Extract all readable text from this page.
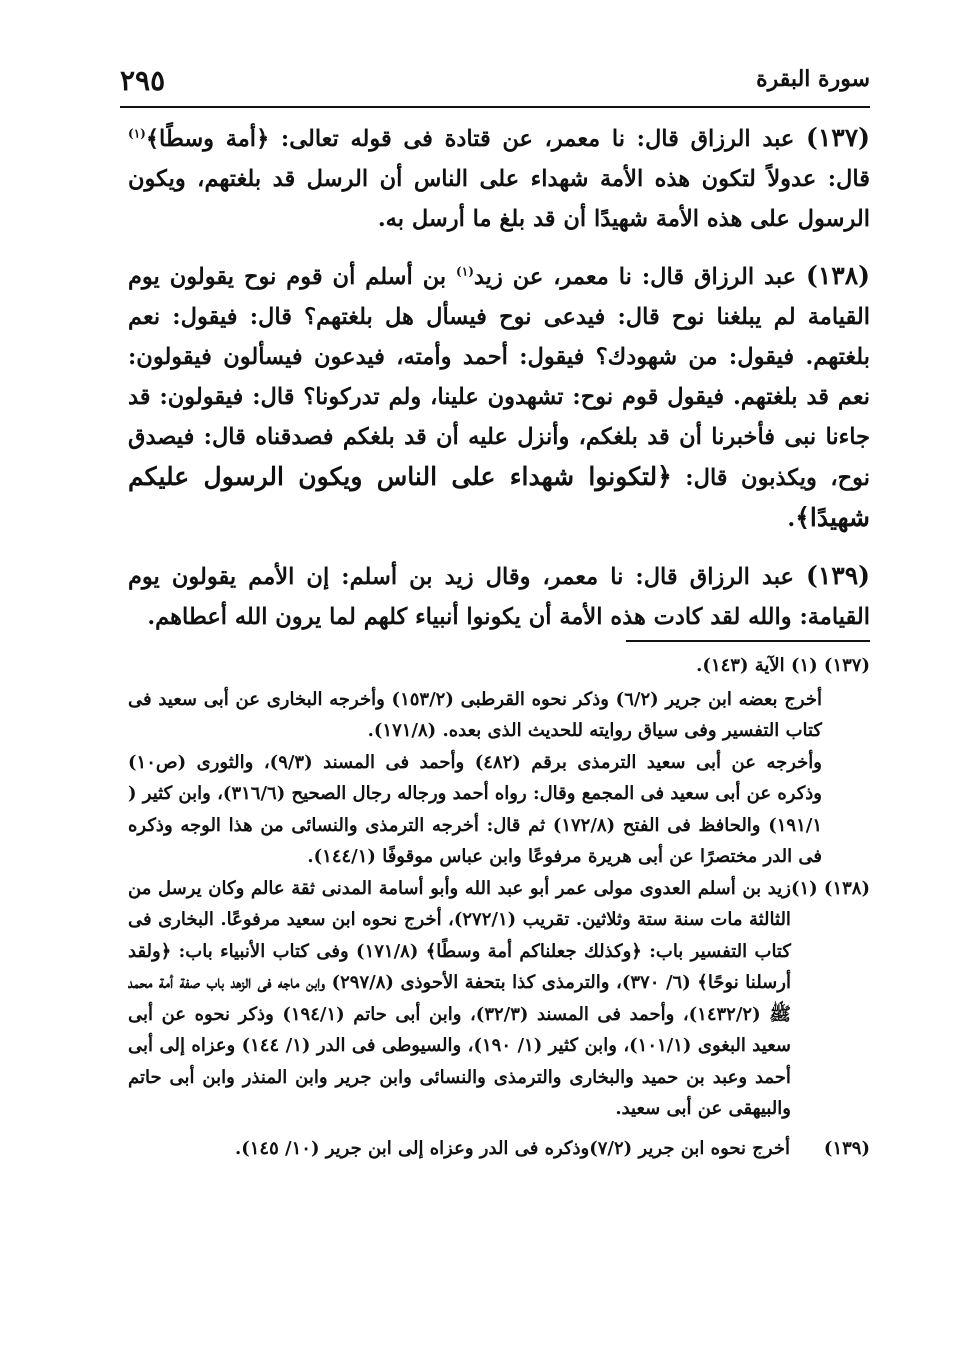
سورة البقرة
٢٩٥

(١٣٧) عبد الرزاق قال: نا معمر، عن قتادة فى قوله تعالى: ﴿أمة وسطًا﴾$^{(١)}$ قال: عدولاً لتكون هذه الأمة شهداء على الناس أن الرسل قد بلغتهم، ويكون الرسول على هذه الأمة شهيدًا أن قد بلغ ما أرسل به.

(١٣٨) عبد الرزاق قال: نا معمر، عن زيد$^{(١)}$ بن أسلم أن قوم نوح يقولون يوم القيامة لم يبلغنا نوح قال: فيدعى نوح فيسأل هل بلغتهم؟ قال: فيقول: نعم بلغتهم. فيقول: من شهودك؟ فيقول: أحمد وأمته، فيدعون فيسألون فيقولون: نعم قد بلغتهم. فيقول قوم نوح: تشهدون علينا، ولم تدركونا؟ قال: فيقولون: قد جاءنا نبى فأخبرنا أن قد بلغكم، وأنزل عليه أن قد بلغكم فصدقناه قال: فيصدق نوح، ويكذبون قال: ﴿لتكونوا شهداء على الناس ويكون الرسول عليكم شهيدًا﴾.

(١٣٩) عبد الرزاق قال: نا معمر، وقال زيد بن أسلم: إن الأمم يقولون يوم القيامة: والله لقد كادت هذه الأمة أن يكونوا أنبياء كلهم لما يرون الله أعطاهم.

(١٣٧) (١) الآية (١٤٣).

أخرج بعضه ابن جرير (٦/٢) وذكر نحوه القرطبى (١٥٣/٢) وأخرجه البخارى عن أبى سعيد فى كتاب التفسير وفى سياق روايته للحديث الذى بعده. (١٧١/٨).

وأخرجه عن أبى سعيد الترمذى برقم (٤٨٢) وأحمد فى المسند (٩/٣)، والثورى (ص١٠) وذكره عن أبى سعيد فى المجمع وقال: رواه أحمد ورجاله رجال الصحيح (٣١٦/٦)، وابن كثير ( ١٩١/١) والحافظ فى الفتح (١٧٢/٨) ثم قال: أخرجه الترمذى والنسائى من هذا الوجه وذكره فى الدر مختصرًا عن أبى هريرة مرفوعًا وابن عباس موقوفًا (١٤٤/١).

(١٣٨) (١)
زيد بن أسلم العدوى مولى عمر أبو عبد الله وأبو أسامة المدنى ثقة عالم وكان يرسل من الثالثة مات سنة ستة وثلاثين. تقريب (٢٧٢/١)، أخرج نحوه ابن سعيد مرفوعًا. البخارى فى كتاب التفسير باب: ﴿وكذلك جعلناكم أمة وسطًا﴾ (١٧١/٨) وفى كتاب الأنبياء باب: ﴿ولقد أرسلنا نوحًا﴾ (٦/ ٣٧٠)، والترمذى كذا بتحفة الأحوذى (٢٩٧/٨) وابن ماجه فى الزهد باب صفة أمة محمد ﷺ (١٤٣٢/٢)، وأحمد فى المسند (٣٢/٣)، وابن أبى حاتم (١٩٤/١) وذكر نحوه عن أبى سعيد البغوى (١٠١/١)، وابن كثير (١/ ١٩٠)، والسيوطى فى الدر (١/ ١٤٤) وعزاه إلى أبى أحمد وعبد بن حميد والبخارى والترمذى والنسائى وابن جرير وابن المنذر وابن أبى حاتم والبيهقى عن أبى سعيد.
(١٣٩)
أخرج نحوه ابن جرير (٧/٢)وذكره فى الدر وعزاه إلى ابن جرير (١٠/ ١٤٥).
